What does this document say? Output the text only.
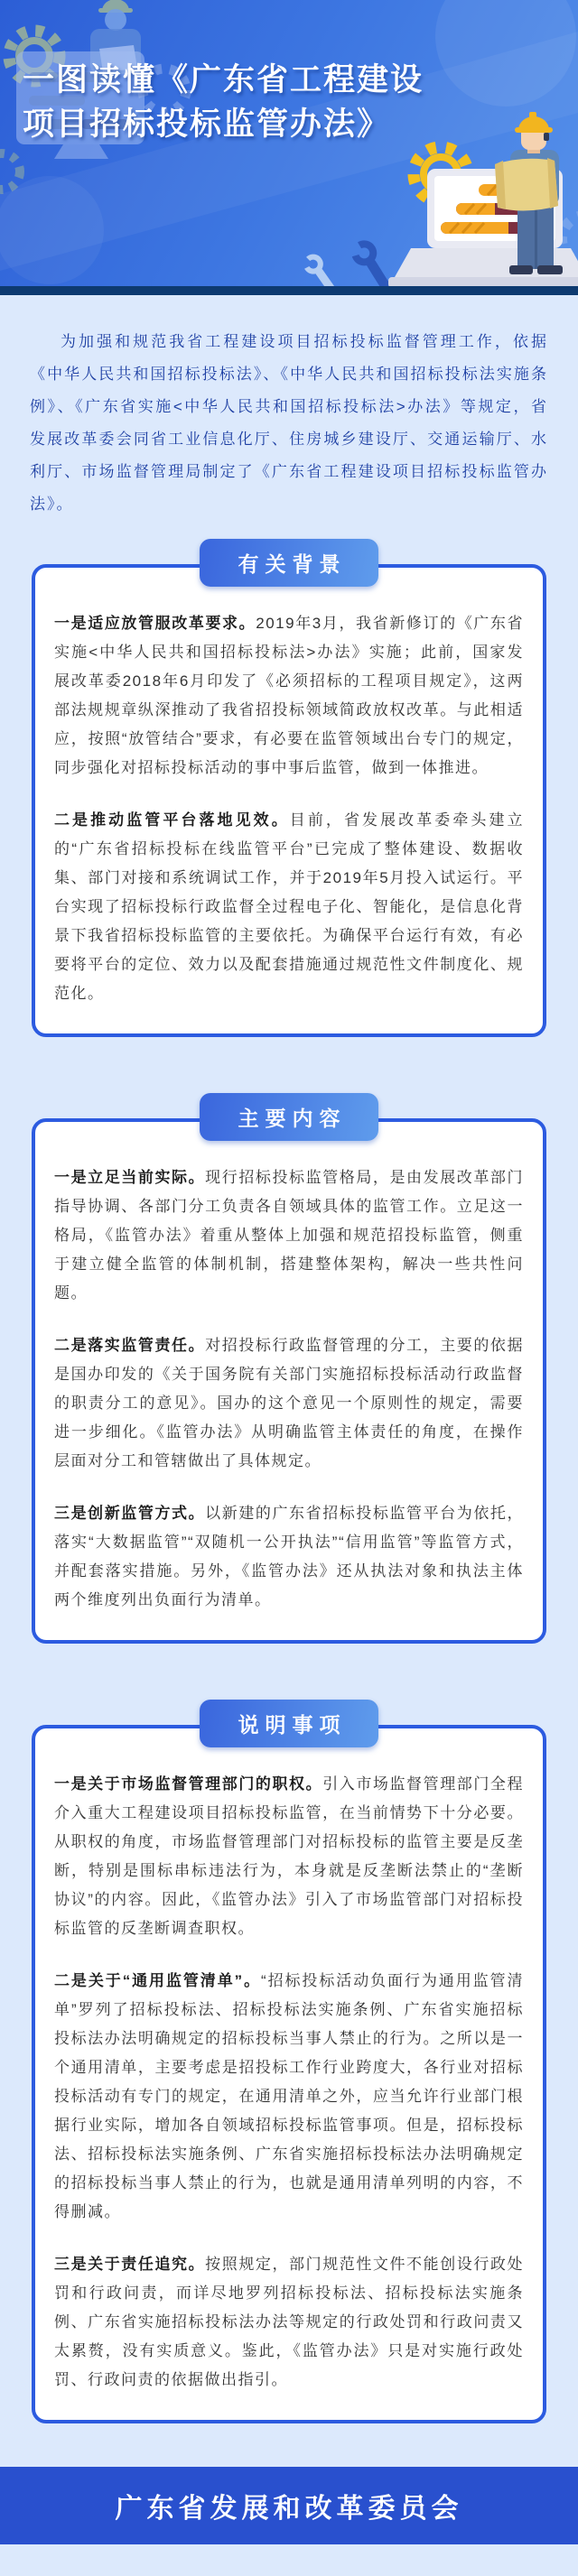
一图读懂《广东省工程建设
项目招标投标监管办法》

为加强和规范我省工程建设项目招标投标监督管理工作，依据《中华人民共和国招标投标法》、《中华人民共和国招标投标法实施条例》、《广东省实施<中华人民共和国招标投标法>办法》等规定，省发展改革委会同省工业信息化厅、住房城乡建设厅、交通运输厅、水利厅、市场监督管理局制定了《广东省工程建设项目招标投标监管办法》。

有关背景

一是适应放管服改革要求。2019年3月，我省新修订的《广东省实施<中华人民共和国招标投标法>办法》实施；此前，国家发展改革委2018年6月印发了《必须招标的工程项目规定》，这两部法规规章纵深推动了我省招投标领域简政放权改革。与此相适应，按照“放管结合”要求，有必要在监管领域出台专门的规定，同步强化对招标投标活动的事中事后监管，做到一体推进。

二是推动监管平台落地见效。目前，省发展改革委牵头建立的“广东省招标投标在线监管平台”已完成了整体建设、数据收集、部门对接和系统调试工作，并于2019年5月投入试运行。平台实现了招标投标行政监督全过程电子化、智能化，是信息化背景下我省招标投标监管的主要依托。为确保平台运行有效，有必要将平台的定位、效力以及配套措施通过规范性文件制度化、规范化。

主要内容

一是立足当前实际。现行招标投标监管格局，是由发展改革部门指导协调、各部门分工负责各自领域具体的监管工作。立足这一格局，《监管办法》着重从整体上加强和规范招投标监管，侧重于建立健全监管的体制机制，搭建整体架构，解决一些共性问题。

二是落实监管责任。对招投标行政监督管理的分工，主要的依据是国办印发的《关于国务院有关部门实施招标投标活动行政监督的职责分工的意见》。国办的这个意见一个原则性的规定，需要进一步细化。《监管办法》从明确监管主体责任的角度，在操作层面对分工和管辖做出了具体规定。

三是创新监管方式。以新建的广东省招标投标监管平台为依托，落实“大数据监管”“双随机一公开执法”“信用监管”等监管方式，并配套落实措施。另外，《监管办法》还从执法对象和执法主体两个维度列出负面行为清单。

说明事项

一是关于市场监督管理部门的职权。引入市场监督管理部门全程介入重大工程建设项目招标投标监管，在当前情势下十分必要。从职权的角度，市场监督管理部门对招标投标的监管主要是反垄断，特别是围标串标违法行为，本身就是反垄断法禁止的“垄断协议”的内容。因此，《监管办法》引入了市场监管部门对招标投标监管的反垄断调查职权。

二是关于“通用监管清单”。“招标投标活动负面行为通用监管清单”罗列了招标投标法、招标投标法实施条例、广东省实施招标投标法办法明确规定的招标投标当事人禁止的行为。之所以是一个通用清单，主要考虑是招投标工作行业跨度大，各行业对招标投标活动有专门的规定，在通用清单之外，应当允许行业部门根据行业实际，增加各自领域招标投标监管事项。但是，招标投标法、招标投标法实施条例、广东省实施招标投标法办法明确规定的招标投标当事人禁止的行为，也就是通用清单列明的内容，不得删减。

三是关于责任追究。按照规定，部门规范性文件不能创设行政处罚和行政问责，而详尽地罗列招标投标法、招标投标法实施条例、广东省实施招标投标法办法等规定的行政处罚和行政问责又太累赘，没有实质意义。鉴此，《监管办法》只是对实施行政处罚、行政问责的依据做出指引。

广东省发展和改革委员会
